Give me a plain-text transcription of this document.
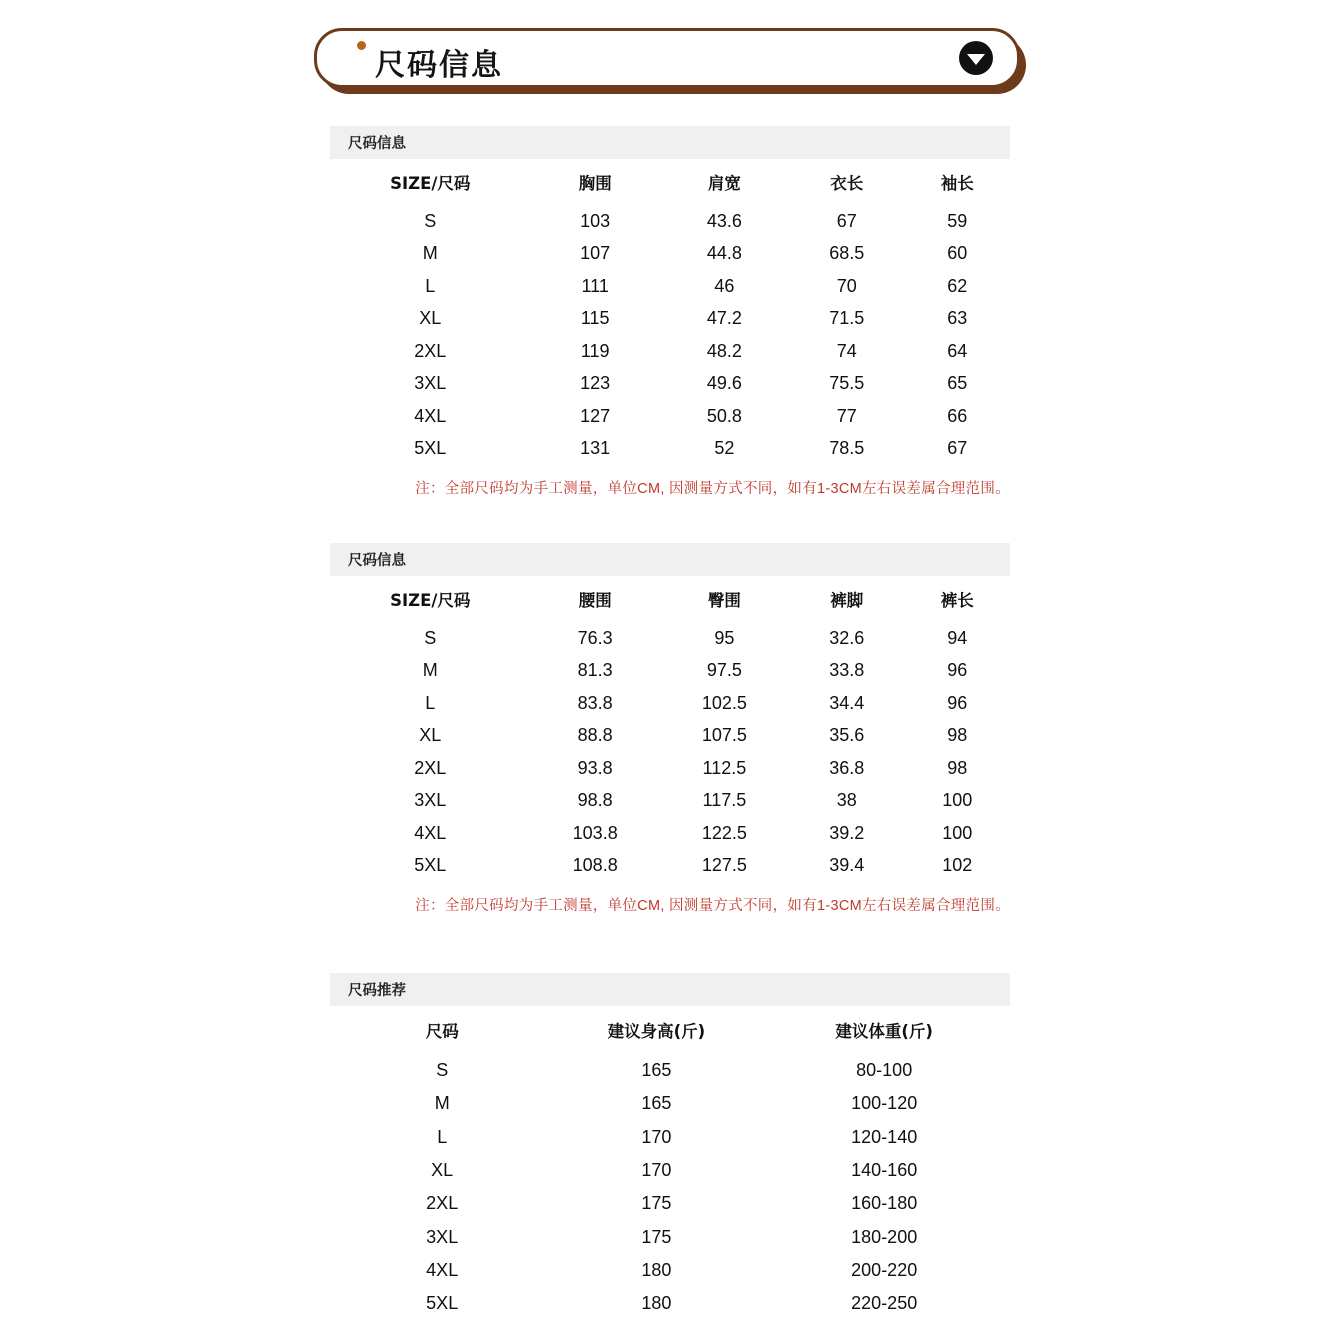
尺码信息
尺码信息
SIZE/尺码	胸围	肩宽	衣长	袖长
S	103	43.6	67	59
M	107	44.8	68.5	60
L	111	46	70	62
XL	115	47.2	71.5	63
2XL	119	48.2	74	64
3XL	123	49.6	75.5	65
4XL	127	50.8	77	66
5XL	131	52	78.5	67
注：全部尺码均为手工测量，单位CM, 因测量方式不同，如有1-3CM左右误差属合理范围。				
尺码信息
SIZE/尺码	腰围	臀围	裤脚	裤长
S	76.3	95	32.6	94
M	81.3	97.5	33.8	96
L	83.8	102.5	34.4	96
XL	88.8	107.5	35.6	98
2XL	93.8	112.5	36.8	98
3XL	98.8	117.5	38	100
4XL	103.8	122.5	39.2	100
5XL	108.8	127.5	39.4	102
注：全部尺码均为手工测量，单位CM, 因测量方式不同，如有1-3CM左右误差属合理范围。				
尺码推荐
尺码	建议身高(斤)	建议体重(斤)
S	165	80-100
M	165	100-120
L	170	120-140
XL	170	140-160
2XL	175	160-180
3XL	175	180-200
4XL	180	200-220
5XL	180	220-250
